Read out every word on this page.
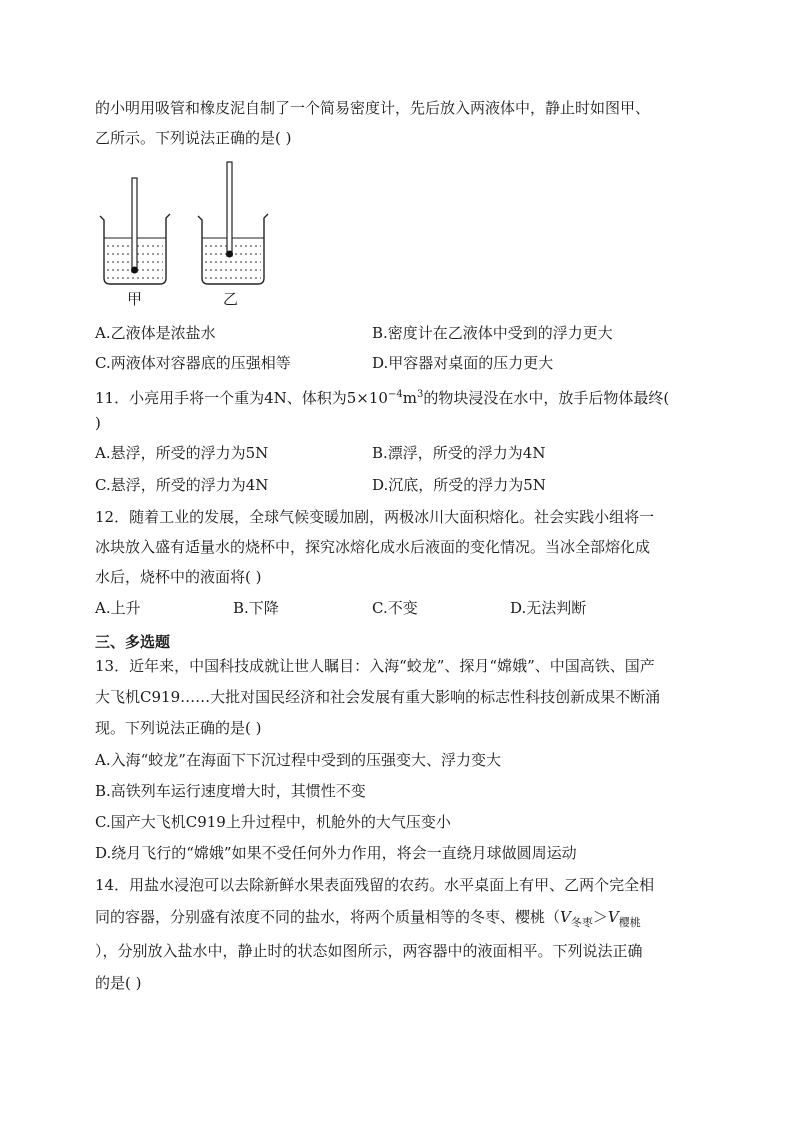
的小明用吸管和橡皮泥自制了一个简易密度计，先后放入两液体中，静止时如图甲、
乙所示。下列说法正确的是( )
甲	乙
A.乙液体是浓盐水	B.密度计在乙液体中受到的浮力更大
C.两液体对容器底的压强相等	D.甲容器对桌面的压力更大
11．小亮用手将一个重为4N、体积为$5\times 10^{-4}m^3$的物块浸没在水中，放手后物体最终(
)
A.悬浮，所受的浮力为5N	B.漂浮，所受的浮力为4N
C.悬浮，所受的浮力为4N	D.沉底，所受的浮力为5N
12．随着工业的发展，全球气候变暖加剧，两极冰川大面积熔化。社会实践小组将一
冰块放入盛有适量水的烧杯中，探究冰熔化成水后液面的变化情况。当冰全部熔化成
水后，烧杯中的液面将( )
A.上升	B.下降	C.不变	D.无法判断
三、多选题
13．近年来，中国科技成就让世人瞩目：入海“蛟龙”、探月“嫦娥”、中国高铁、国产
大飞机C919……大批对国民经济和社会发展有重大影响的标志性科技创新成果不断涌
现。下列说法正确的是( )
A.入海“蛟龙”在海面下下沉过程中受到的压强变大、浮力变大
B.高铁列车运行速度增大时，其惯性不变
C.国产大飞机C919上升过程中，机舱外的大气压变小
D.绕月飞行的“嫦娥”如果不受任何外力作用，将会一直绕月球做圆周运动
14．用盐水浸泡可以去除新鲜水果表面残留的农药。水平桌面上有甲、乙两个完全相
同的容器，分别盛有浓度不同的盐水，将两个质量相等的冬枣、樱桃（$V_{冬枣}>V_{樱桃}$
），分别放入盐水中，静止时的状态如图所示，两容器中的液面相平。下列说法正确
的是( )
